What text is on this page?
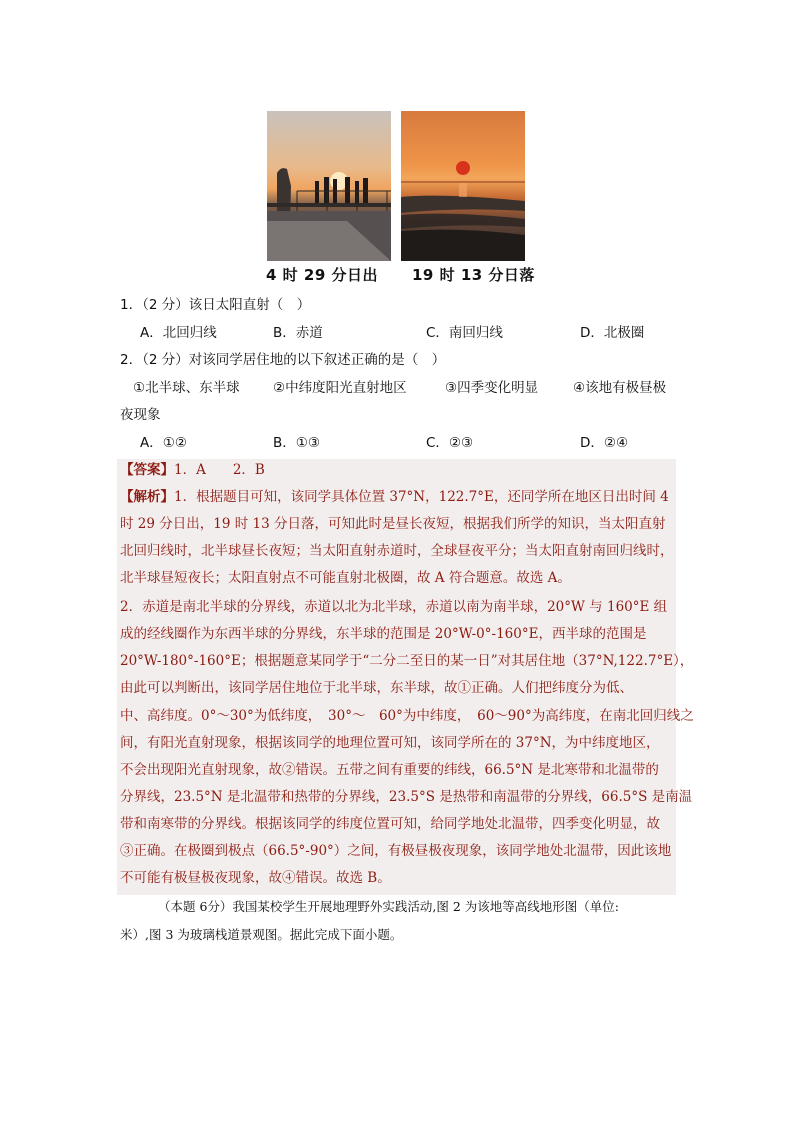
4 时 29 分日出 19 时 13 分日落
1．（2 分）该日太阳直射（　）
A．北回归线	B．赤道	C．南回归线	D．北极圈
2．（2 分）对该同学居住地的以下叙述正确的是（　）
①北半球、东半球 ②中纬度阳光直射地区	③四季变化明显	④该地有极昼极
夜现象
A．①②	B．①③	C．②③	D．②④
【答案】1．A　　2．B
【解析】1．根据题目可知，该同学具体位置 37°N，122.7°E，还同学所在地区日出时间 4
时 29 分日出，19 时 13 分日落，可知此时是昼长夜短，根据我们所学的知识，当太阳直射
北回归线时，北半球昼长夜短；当太阳直射赤道时，全球昼夜平分；当太阳直射南回归线时，
北半球昼短夜长；太阳直射点不可能直射北极圈，故 A 符合题意。故选 A。
2．赤道是南北半球的分界线，赤道以北为北半球，赤道以南为南半球，20°W 与 160°E 组
成的经线圈作为东西半球的分界线，东半球的范围是 20°W-0°-160°E，西半球的范围是
20°W-180°-160°E；根据题意某同学于“二分二至日的某一日”对其居住地（37°N,122.7°E），
由此可以判断出，该同学居住地位于北半球，东半球，故①正确。人们把纬度分为低、
中、高纬度。0°～30°为低纬度，　30°～　60°为中纬度，　60～90°为高纬度，在南北回归线之
间，有阳光直射现象，根据该同学的地理位置可知，该同学所在的 37°N，为中纬度地区，
不会出现阳光直射现象，故②错误。五带之间有重要的纬线，66.5°N 是北寒带和北温带的
分界线，23.5°N 是北温带和热带的分界线，23.5°S 是热带和南温带的分界线，66.5°S 是南温
带和南寒带的分界线。根据该同学的纬度位置可知，给同学地处北温带，四季变化明显，故
③正确。在极圈到极点（66.5°-90°）之间，有极昼极夜现象，该同学地处北温带，因此该地
不可能有极昼极夜现象，故④错误。故选 B。
（本题 6分）我国某校学生开展地理野外实践活动,图 2 为该地等高线地形图（单位:
米）,图 3 为玻璃栈道景观图。据此完成下面小题。
